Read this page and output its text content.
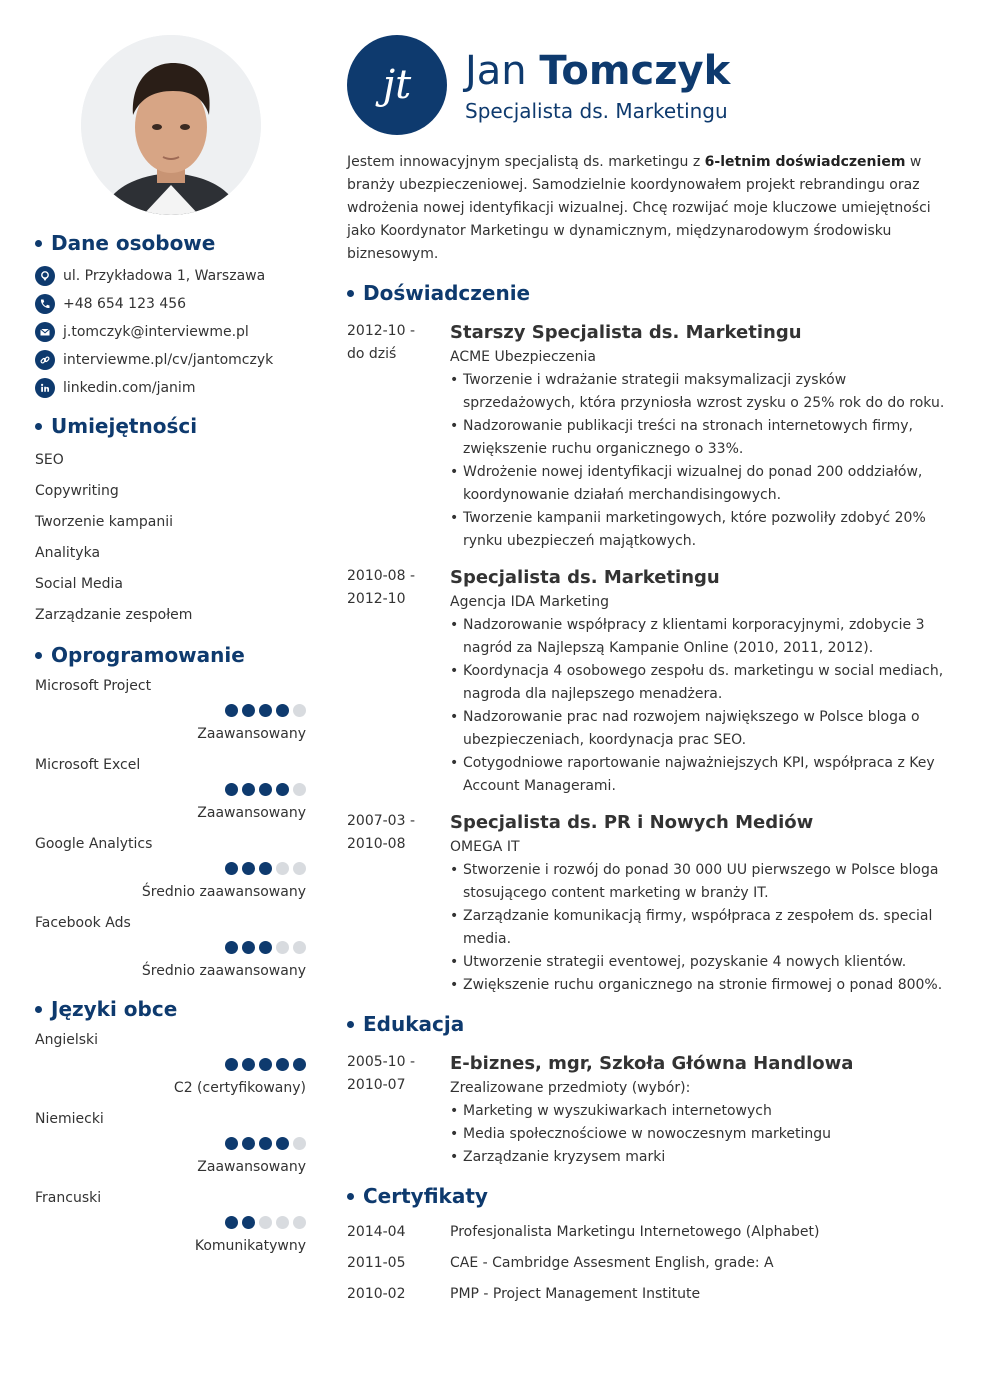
Dane osobowe
ul. Przykładowa 1, Warszawa
+48 654 123 456
j.tomczyk@interviewme.pl
interviewme.pl/cv/jantomczyk
linkedin.com/janim
Umiejętności
SEO
Copywriting
Tworzenie kampanii
Analityka
Social Media
Zarządzanie zespołem
Oprogramowanie
Microsoft Project
Zaawansowany
Microsoft Excel
Zaawansowany
Google Analytics
Średnio zaawansowany
Facebook Ads
Średnio zaawansowany
Języki obce
Angielski
C2 (certyfikowany)
Niemiecki
Zaawansowany
Francuski
Komunikatywny
jt	Jan Tomczyk
Specjalista ds. Marketingu

Jestem innowacyjnym specjalistą ds. marketingu z 6-letnim doświadczeniem w branży ubezpieczeniowej. Samodzielnie koordynowałem projekt rebrandingu oraz wdrożenia nowej identyfikacji wizualnej. Chcę rozwijać moje kluczowe umiejętności jako Koordynator Marketingu w dynamicznym, międzynarodowym środowisku biznesowym.

Doświadczenie
2012-10 -
do dziś
Starszy Specjalista ds. Marketingu
ACME Ubezpieczenia
• Tworzenie i wdrażanie strategii maksymalizacji zysków sprzedażowych, która przyniosła wzrost zysku o 25% rok do do roku.
• Nadzorowanie publikacji treści na stronach internetowych firmy, zwiększenie ruchu organicznego o 33%.
• Wdrożenie nowej identyfikacji wizualnej do ponad 200 oddziałów, koordynowanie działań merchandisingowych.
• Tworzenie kampanii marketingowych, które pozwoliły zdobyć 20% rynku ubezpieczeń majątkowych.
2010-08 -
2012-10
Specjalista ds. Marketingu
Agencja IDA Marketing
• Nadzorowanie współpracy z klientami korporacyjnymi, zdobycie 3 nagród za Najlepszą Kampanie Online (2010, 2011, 2012).
• Koordynacja 4 osobowego zespołu ds. marketingu w social mediach, nagroda dla najlepszego menadżera.
• Nadzorowanie prac nad rozwojem największego w Polsce bloga o ubezpieczeniach, koordynacja prac SEO.
• Cotygodniowe raportowanie najważniejszych KPI, współpraca z Key Account Managerami.
2007-03 -
2010-08
Specjalista ds. PR i Nowych Mediów
OMEGA IT
• Stworzenie i rozwój do ponad 30 000 UU pierwszego w Polsce bloga stosującego content marketing w branży IT.
• Zarządzanie komunikacją firmy, współpraca z zespołem ds. special media.
• Utworzenie strategii eventowej, pozyskanie 4 nowych klientów.
• Zwiększenie ruchu organicznego na stronie firmowej o ponad 800%.
Edukacja
2005-10 -
2010-07
E-biznes, mgr, Szkoła Główna Handlowa
Zrealizowane przedmioty (wybór):
• Marketing w wyszukiwarkach internetowych
• Media społecznościowe w nowoczesnym marketingu
• Zarządzanie kryzysem marki
Certyfikaty
2014-04	Profesjonalista Marketingu Internetowego (Alphabet)
2011-05	CAE - Cambridge Assesment English, grade: A
2010-02	PMP - Project Management Institute
